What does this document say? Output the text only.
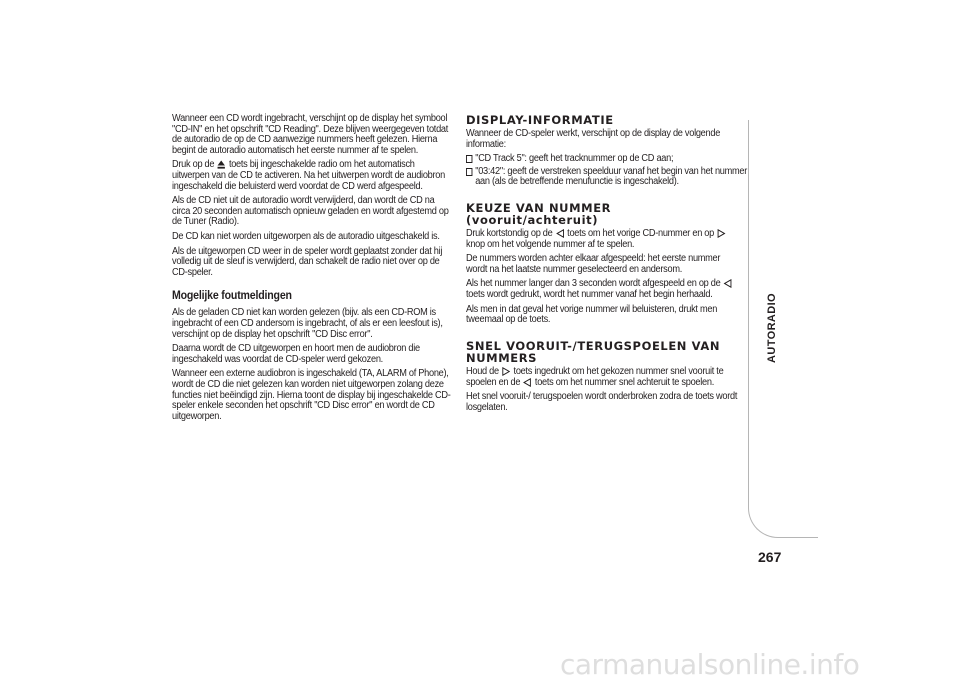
Wanneer een CD wordt ingebracht, verschijnt op de display het symbool "CD-IN" en het opschrift "CD Reading". Deze blijven weergegeven totdat de autoradio de op de CD aanwezige nummers heeft gelezen. Hierna begint de autoradio automatisch het eerste nummer af te spelen.

Druk op de toets bij ingeschakelde radio om het automatisch uitwerpen van de CD te activeren. Na het uitwerpen wordt de audiobron ingeschakeld die beluisterd werd voordat de CD werd afgespeeld.

Als de CD niet uit de autoradio wordt verwijderd, dan wordt de CD na circa 20 seconden automatisch opnieuw geladen en wordt afgestemd op de Tuner (Radio).

De CD kan niet worden uitgeworpen als de autoradio uitgeschakeld is.

Als de uitgeworpen CD weer in de speler wordt geplaatst zonder dat hij volledig uit de sleuf is verwijderd, dan schakelt de radio niet over op de CD-speler.

Mogelijke foutmeldingen

Als de geladen CD niet kan worden gelezen (bijv. als een CD-ROM is ingebracht of een CD andersom is ingebracht, of als er een leesfout is), verschijnt op de display het opschrift "CD Disc error".

Daarna wordt de CD uitgeworpen en hoort men de audiobron die ingeschakeld was voordat de CD-speler werd gekozen.

Wanneer een externe audiobron is ingeschakeld (TA, ALARM of Phone), wordt de CD die niet gelezen kan worden niet uitgeworpen zolang deze functies niet beëindigd zijn. Hierna toont de display bij ingeschakelde CD-speler enkele seconden het opschrift "CD Disc error" en wordt de CD uitgeworpen.

DISPLAY-INFORMATIE

Wanneer de CD-speler werkt, verschijnt op de display de volgende informatie:

"CD Track 5": geeft het tracknummer op de CD aan;
"03:42": geeft de verstreken speelduur vanaf het begin van het nummer aan (als de betreffende menufunctie is ingeschakeld).
KEUZE VAN NUMMER (vooruit/achteruit)

Druk kortstondig op de toets om het vorige CD-nummer en op  knop om het volgende nummer af te spelen.

De nummers worden achter elkaar afgespeeld: het eerste nummer wordt na het laatste nummer geselecteerd en andersom.

Als het nummer langer dan 3 seconden wordt afgespeeld en op de  toets wordt gedrukt, wordt het nummer vanaf het begin herhaald.

Als men in dat geval het vorige nummer wil beluisteren, drukt men tweemaal op de toets.

SNEL VOORUIT-/TERUGSPOELEN VAN NUMMERS

Houd de toets ingedrukt om het gekozen nummer snel vooruit te spoelen en de toets om het nummer snel achteruit te spoelen.

Het snel vooruit-/ terugspoelen wordt onderbroken zodra de toets wordt losgelaten.

AUTORADIO
267
carmanualsonline.info
